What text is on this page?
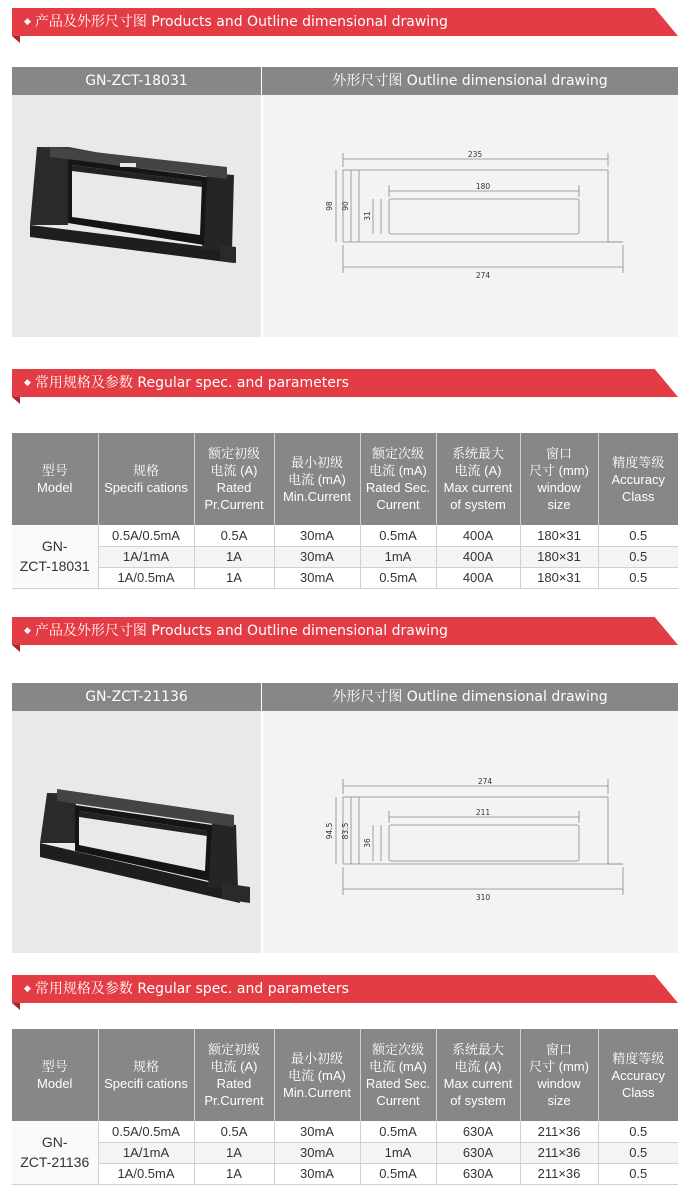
◆ 产品及外形尺寸图 Products and Outline dimensional drawing
GN-ZCT-18031	外形尺寸图 Outline dimensional drawing
235
180
274
98 90
31
◆ 常用规格及参数 Regular spec. and parameters
型号
Model	规格
Specifi cations	额定初级
电流 (A)
Rated
Pr.Current	最小初级
电流 (mA)
Min.Current	额定次级
电流 (mA)
Rated Sec.
Current	系统最大
电流 (A)
Max current
of system	窗口
尺寸 (mm)
window
size	精度等级
Accuracy
Class

GN-
ZCT-18031	0.5A/0.5mA	0.5A	30mA	0.5mA	400A	180×31	0.5
	1A/1mA	1A	30mA	1mA	400A	180×31	0.5
	1A/0.5mA	1A	30mA	0.5mA	400A	180×31	0.5
◆ 产品及外形尺寸图 Products and Outline dimensional drawing
GN-ZCT-21136	外形尺寸图 Outline dimensional drawing
274
211
310
94.5 83.5
36
◆ 常用规格及参数 Regular spec. and parameters
型号
Model	规格
Specifi cations	额定初级
电流 (A)
Rated
Pr.Current	最小初级
电流 (mA)
Min.Current	额定次级
电流 (mA)
Rated Sec.
Current	系统最大
电流 (A)
Max current
of system	窗口
尺寸 (mm)
window
size	精度等级
Accuracy
Class

GN-
ZCT-21136	0.5A/0.5mA	0.5A	30mA	0.5mA	630A	211×36	0.5
	1A/1mA	1A	30mA	1mA	630A	211×36	0.5
	1A/0.5mA	1A	30mA	0.5mA	630A	211×36	0.5
